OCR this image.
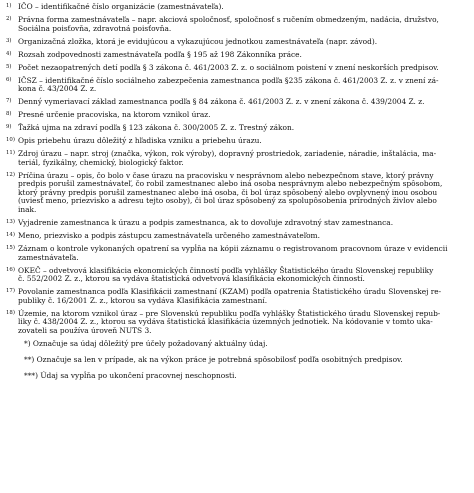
1) IČO – identifikačné číslo organizácie (zamestnávateľa).
2) Právna forma zamestnávateľa – napr. akciová spoločnosť, spoločnosť s ručením obmedzeným, nadácia, družstvo,
Sociálna poisťovňa, zdravotná poisťovňa.
3) Organizačná zložka, ktorá je evidujúcou a vykazujúcou jednotkou zamestnávateľa (napr. závod).
4) Rozsah zodpovednosti zamestnávateľa podľa § 195 až 198 Zákonníka práce.
5) Počet nezaopatrených detí podľa § 3 zákona č. 461/2003 Z. z. o sociálnom poistení v znení neskorších predpisov.
6) IČSZ – identifikačné číslo sociálneho zabezpečenia zamestnanca podľa §235 zákona č. 461/2003 Z. z. v znení zá-
kona č. 43/2004 Z. z.
7) Denný vymeriavací základ zamestnanca podľa § 84 zákona č. 461/2003 Z. z. v znení zákona č. 439/2004 Z. z.
8) Presné určenie pracoviska, na ktorom vznikol úraz.
9) Ťažká ujma na zdraví podľa § 123 zákona č. 300/2005 Z. z. Trestný zákon.
10) Opis priebehu úrazu dôležitý z hľadiska vzniku a priebehu úrazu.
11) Zdroj úrazu – napr. stroj (značka, výkon, rok výroby), dopravný prostriedok, zariadenie, náradie, inštalácia, ma-
teriál, fyzikálny, chemický, biologický faktor.
12) Príčina úrazu – opis, čo bolo v čase úrazu na pracovisku v nesprávnom alebo nebezpečnom stave, ktorý právny
predpis porušil zamestnávateľ, čo robil zamestnanec alebo iná osoba nesprávnym alebo nebezpečným spôsobom,
ktorý právny predpis porušil zamestnanec alebo iná osoba, či bol úraz spôsobený alebo ovplyvnený inou osobou
(uviesť meno, priezvisko a adresu tejto osoby), či bol úraz spôsobený za spolupôsobenia prírodných živlov alebo
inak.
13) Vyjadrenie zamestnanca k úrazu a podpis zamestnanca, ak to dovoľuje zdravotný stav zamestnanca.
14) Meno, priezvisko a podpis zástupcu zamestnávateľa určeného zamestnávateľom.
15) Záznam o kontrole vykonaných opatrení sa vypĺňa na kópii záznamu o registrovanom pracovnom úraze v evidencii
zamestnávateľa.
16) OKEČ – odvetvová klasifikácia ekonomických činností podľa vyhlášky Štatistického úradu Slovenskej republiky
č. 552/2002 Z. z., ktorou sa vydáva štatistická odvetvová klasifikácia ekonomických činností.
17) Povolanie zamestnanca podľa Klasifikácii zamestnaní (KZAM) podľa opatrenia Štatistického úradu Slovenskej re-
publiky č. 16/2001 Z. z., ktorou sa vydáva Klasifikácia zamestnaní.
18) Územie, na ktorom vznikol úraz – pre Slovenskú republiku podľa vyhlášky Štatistického úradu Slovenskej repub-
liky č. 438/2004 Z. z., ktorou sa vydáva štatistická klasifikácia územných jednotiek. Na kódovanie v tomto uka-
zovateli sa používa úroveň NUTS 3.
*) Označuje sa údaj dôležitý pre účely požadovaný aktuálny údaj.
**) Označuje sa len v prípade, ak na výkon práce je potrebná spôsobilosť podľa osobitných predpisov.
***) Údaj sa vypĺňa po ukončení pracovnej neschopnosti.
